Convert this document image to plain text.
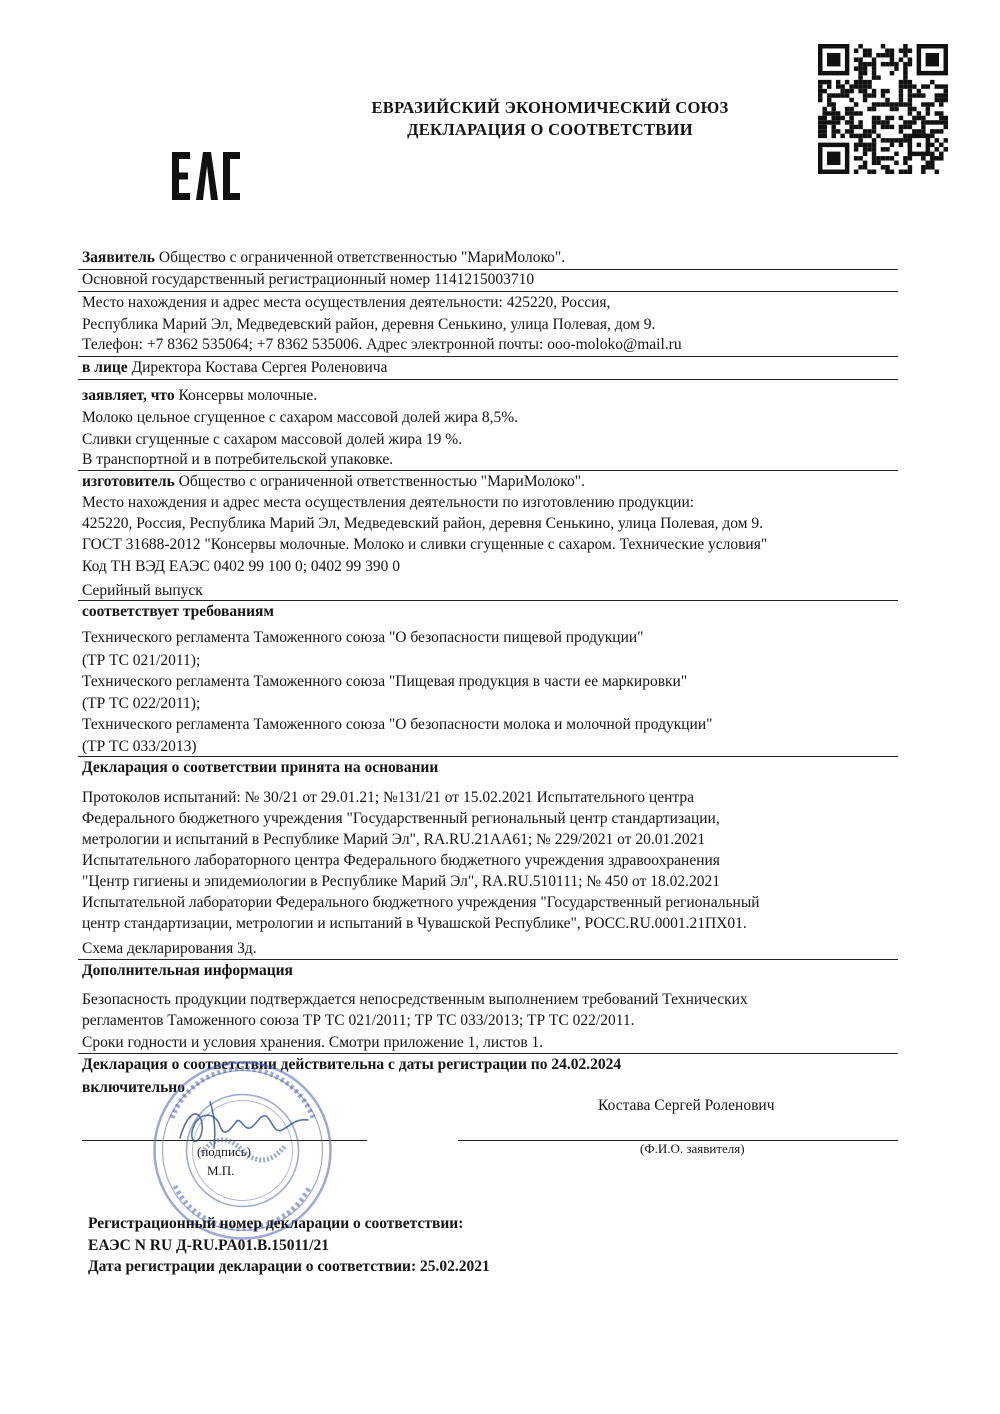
ЕВРАЗИЙСКИЙ ЭКОНОМИЧЕСКИЙ СОЮЗ
ДЕКЛАРАЦИЯ О СООТВЕТСТВИИ
Заявитель Общество с ограниченной ответственностью "МариМолоко".
Основной государственный регистрационный номер 1141215003710
Место нахождения и адрес места осуществления деятельности: 425220, Россия,
Республика Марий Эл, Медведевский район, деревня Сенькино, улица Полевая, дом 9.
Телефон: +7 8362 535064; +7 8362 535006. Адрес электронной почты: ooo-moloko@mail.ru
в лице Директора Костава Сергея Роленовича
заявляет, что Консервы молочные.
Молоко цельное сгущенное с сахаром массовой долей жира 8,5%.
Сливки сгущенные с сахаром массовой долей жира 19 %.
В транспортной и в потребительской упаковке.
изготовитель Общество с ограниченной ответственностью "МариМолоко".
Место нахождения и адрес места осуществления деятельности по изготовлению продукции:
425220, Россия, Республика Марий Эл, Медведевский район, деревня Сенькино, улица Полевая, дом 9.
ГОСТ 31688-2012 "Консервы молочные. Молоко и сливки сгущенные с сахаром. Технические условия"
Код ТН ВЭД ЕАЭС 0402 99 100 0; 0402 99 390 0
Серийный выпуск
соответствует требованиям
Технического регламента Таможенного союза "О безопасности пищевой продукции"
(ТР ТС 021/2011);
Технического регламента Таможенного союза "Пищевая продукция в части ее маркировки"
(ТР ТС 022/2011);
Технического регламента Таможенного союза "О безопасности молока и молочной продукции"
(ТР ТС 033/2013)
Декларация о соответствии принята на основании
Протоколов испытаний: № 30/21 от 29.01.21; №131/21 от 15.02.2021 Испытательного центра
Федерального бюджетного учреждения "Государственный региональный центр стандартизации,
метрологии и испытаний в Республике Марий Эл", RA.RU.21AA61; № 229/2021 от 20.01.2021
Испытательного лабораторного центра Федерального бюджетного учреждения здравоохранения
"Центр гигиены и эпидемиологии в Республике Марий Эл", RA.RU.510111; № 450 от 18.02.2021
Испытательной лаборатории Федерального бюджетного учреждения "Государственный региональный
центр стандартизации, метрологии и испытаний в Чувашской Республике", РОСС.RU.0001.21ПХ01.
Схема декларирования 3д.
Дополнительная информация
Безопасность продукции подтверждается непосредственным выполнением требований Технических
регламентов Таможенного союза ТР ТС 021/2011; ТР ТС 033/2013; ТР ТС 022/2011.
Сроки годности и условия хранения. Смотри приложение 1, листов 1.
Декларация о соответствии действительна с даты регистрации по 24.02.2024
включительно
Костава Сергей Роленович
(подпись)	(Ф.И.О. заявителя)
М.П.
Регистрационный номер декларации о соответствии:
ЕАЭС N RU Д-RU.PA01.B.15011/21
Дата регистрации декларации о соответствии: 25.02.2021
